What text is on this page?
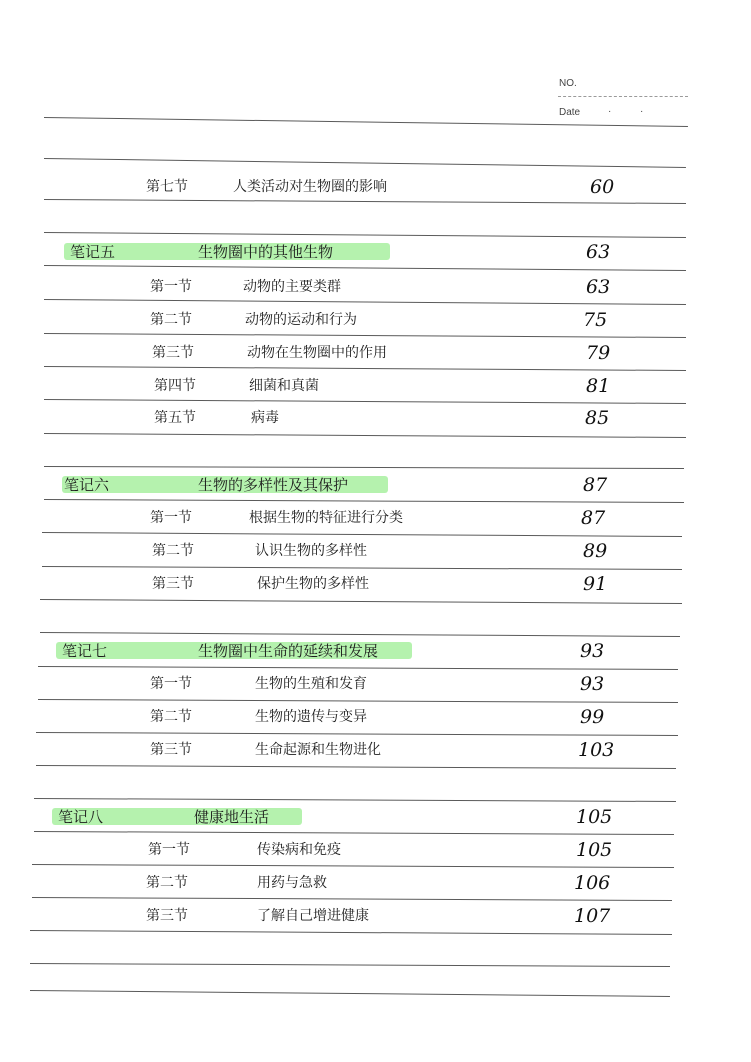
NO.
Date	·	·
第七节	人类活动对生物圈的影响	60
笔记五	生物圈中的其他生物	63
第一节	动物的主要类群	63
第二节	动物的运动和行为	75
第三节	动物在生物圈中的作用	79
第四节	细菌和真菌	81
第五节	病毒	85
笔记六	生物的多样性及其保护	87
第一节	根据生物的特征进行分类	87
第二节	认识生物的多样性	89
第三节	保护生物的多样性	91
笔记七	生物圈中生命的延续和发展	93
第一节	生物的生殖和发育	93
第二节	生物的遗传与变异	99
第三节	生命起源和生物进化	103
笔记八	健康地生活	105
第一节	传染病和免疫	105
第二节	用药与急救	106
第三节	了解自己增进健康	107
